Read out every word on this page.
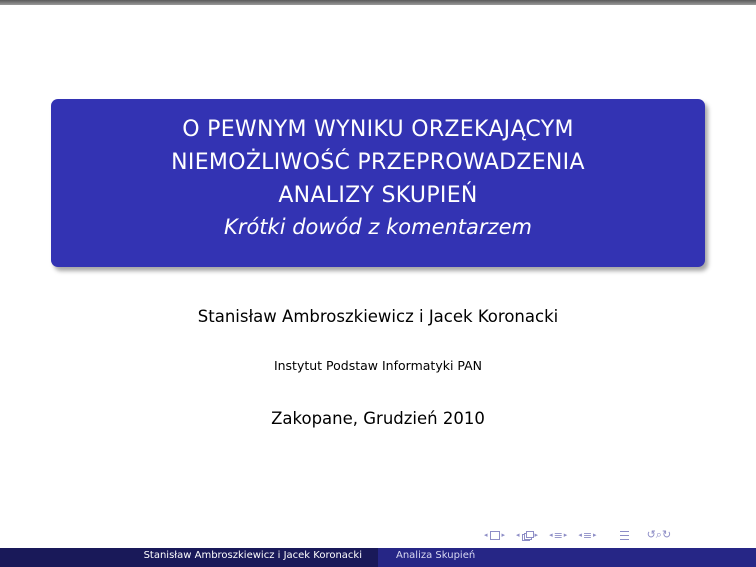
O PEWNYM WYNIKU ORZEKAJĄCYM
NIEMOŻLIWOŚĆ PRZEPROWADZENIA
ANALIZY SKUPIEŃ
Krótki dowód z komentarzem
Stanisław Ambroszkiewicz i Jacek Koronacki
Instytut Podstaw Informatyki PAN
Zakopane, Grudzień 2010
◂ ▸ ◂ ▸ ◂ ≡ ▸ ◂ ≡ ▸	↺⌕↻
Stanisław Ambroszkiewicz i Jacek Koronacki	Analiza Skupień
